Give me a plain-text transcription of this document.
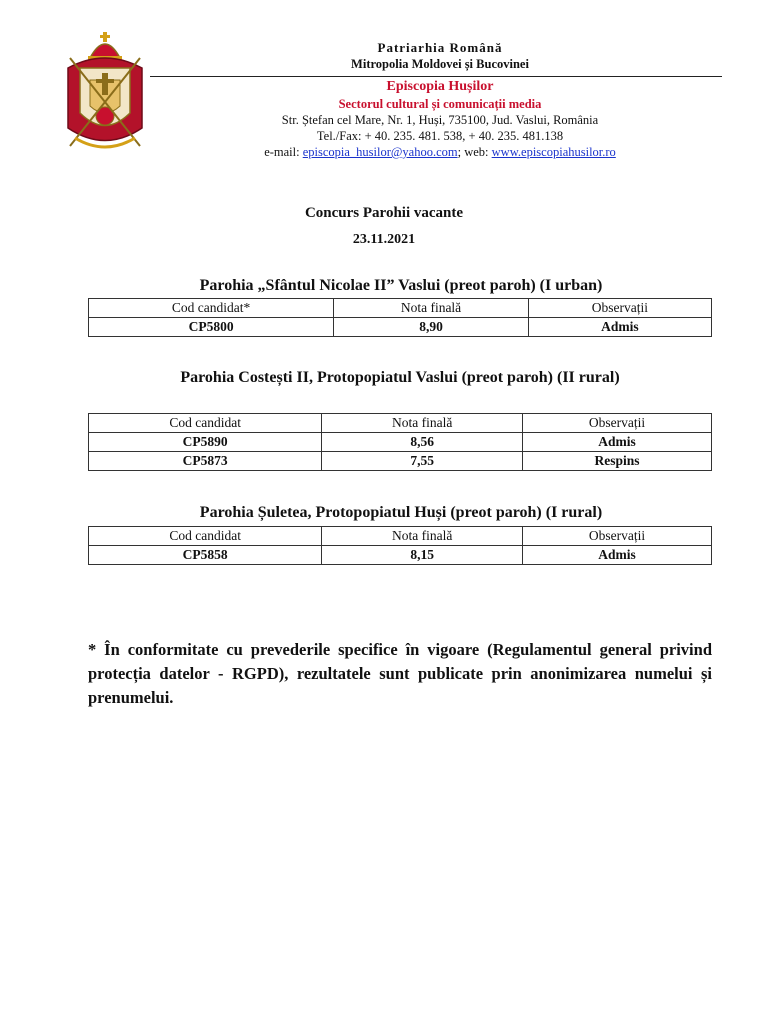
Patriarhia Română
Mitropolia Moldovei și Bucovinei
Episcopia Hușilor
Sectorul cultural și comunicații media
Str. Ștefan cel Mare, Nr. 1, Huși, 735100, Jud. Vaslui, România
Tel./Fax: + 40. 235. 481. 538, + 40. 235. 481.138
e-mail: episcopia_husilor@yahoo.com; web: www.episcopiahusilor.ro
Concurs Parohii vacante
23.11.2021
Parohia „Sfântul Nicolae II” Vaslui (preot paroh) (I urban)
Cod candidat*	Nota finală	Observații
CP5800	8,90	Admis
Parohia Costești II, Protopopiatul Vaslui (preot paroh) (II rural)
Cod candidat	Nota finală	Observații
CP5890	8,56	Admis
CP5873	7,55	Respins
Parohia Șuletea, Protopopiatul Huși (preot paroh) (I rural)
Cod candidat	Nota finală	Observații
CP5858	8,15	Admis
* În conformitate cu prevederile specifice în vigoare (Regulamentul general privind protecția datelor - RGPD), rezultatele sunt publicate prin anonimizarea numelui și prenumelui.
